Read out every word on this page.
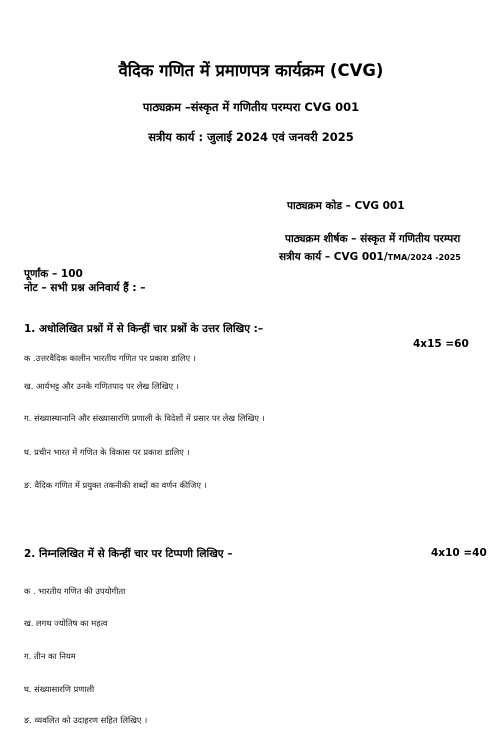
वैदिक गणित में प्रमाणपत्र कार्यक्रम (CVG)
पाठ्यक्रम –संस्कृत में गणितीय परम्परा CVG 001
सत्रीय कार्य : जुलाई 2024 एवं जनवरी 2025
पाठ्यक्रम कोड – CVG 001
पाठ्यक्रम शीर्षक – संस्कृत में गणितीय परम्परा
सत्रीय कार्य – CVG 001/TMA/2024 -2025
पूर्णांक – 100
नोट – सभी प्रश्न अनिवार्य हैं : –
1. अधोलिखित प्रश्नों में से किन्हीं चार प्रश्नों के उत्तर लिखिए :–
4x15 =60
क .उत्तरवैदिक कालीन भारतीय गणित पर प्रकाश डालिए ।
ख. आर्यभट्ट और उनके गणितपाद पर लेख लिखिए ।
ग. संख्यास्थानानि और संख्यासारणि प्रणाली के विदेशों में प्रसार पर लेख लिखिए ।
घ. प्रचीन भारत में गणित के विकास पर प्रकाश डालिए ।
ङ. वैदिक गणित में प्रयुक्त तकनीकी शब्दों का वर्णन कीजिए ।
2. निम्नलिखित में से किन्हीं चार पर टिप्पणी लिखिए –	4x10 =40
क . भारतीय गणित की उपयोगीता
ख. लगध ज्योतिष का महत्व
ग. तीन का नियम
घ. संख्यासारणि प्रणाली
ङ. व्यवलित को उदाहरण सहित लिखिए ।
